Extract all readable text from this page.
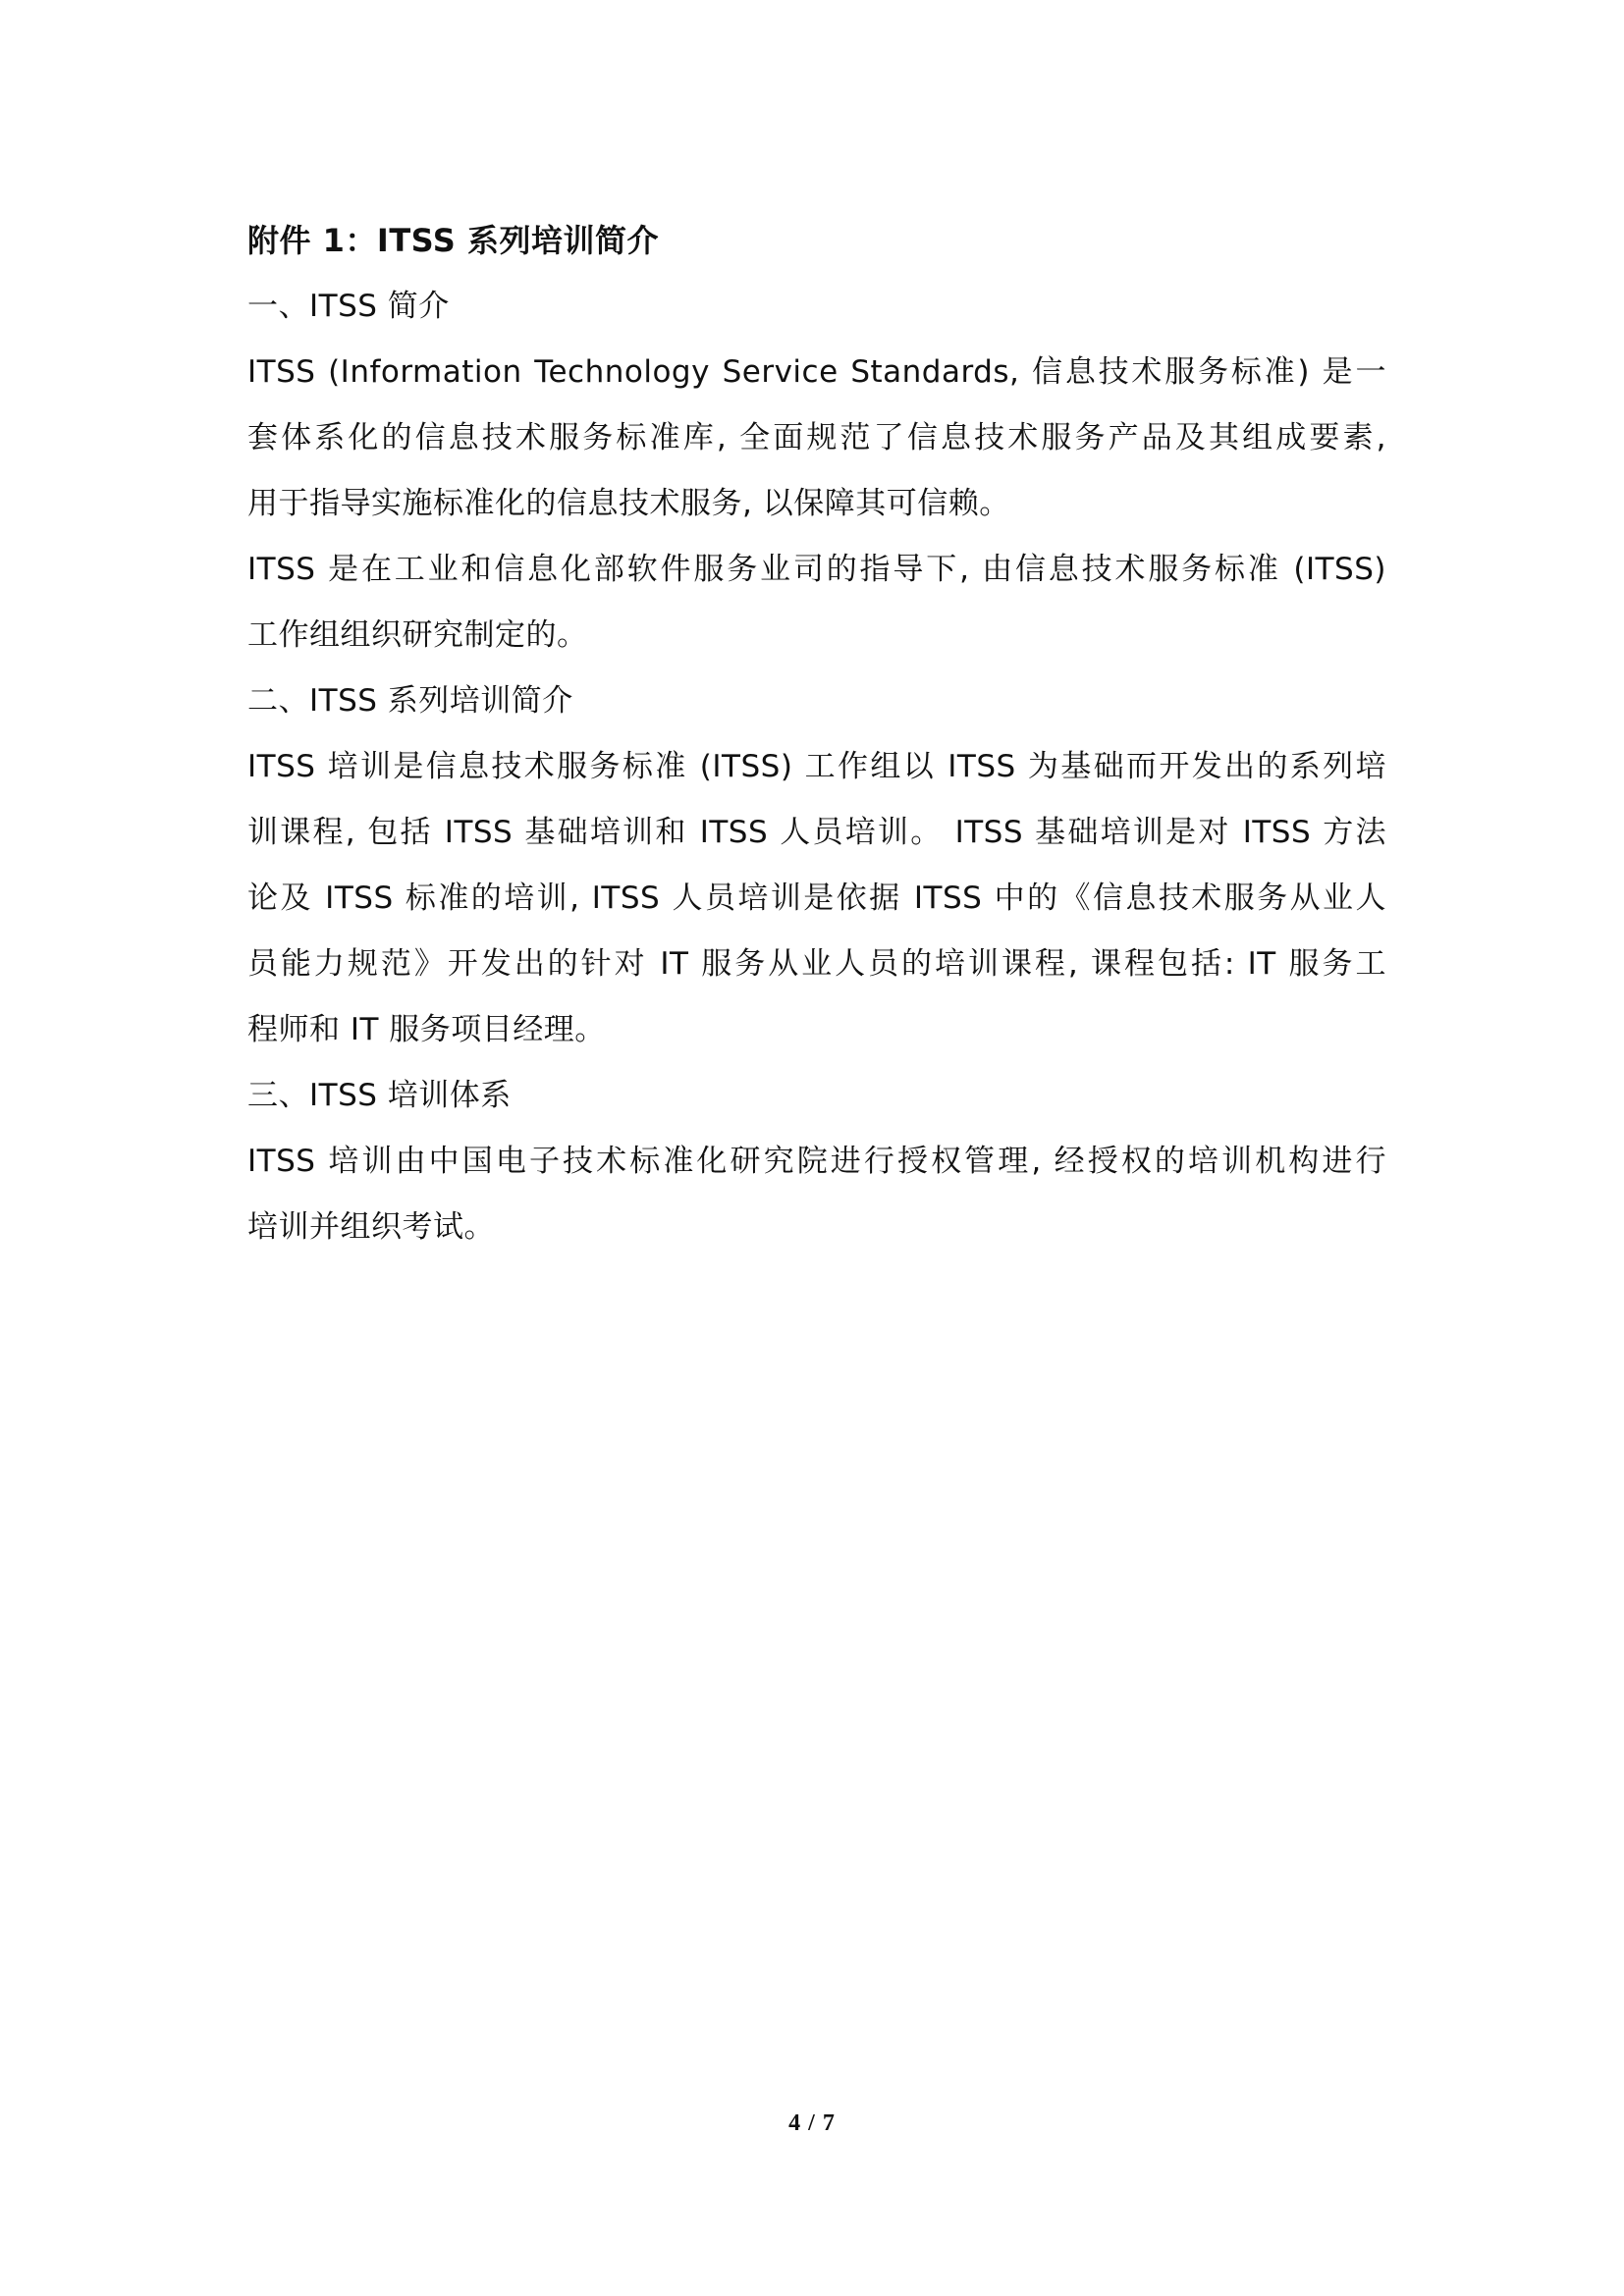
附件 1：ITSS 系列培训简介
一、ITSS 简介
ITSS (Information Technology Service Standards, 信息技术服务标准) 是一
套体系化的信息技术服务标准库, 全面规范了信息技术服务产品及其组成要素,
用于指导实施标准化的信息技术服务, 以保障其可信赖。
ITSS 是在工业和信息化部软件服务业司的指导下, 由信息技术服务标准 (ITSS)
工作组组织研究制定的。
二、ITSS 系列培训简介
ITSS 培训是信息技术服务标准 (ITSS) 工作组以 ITSS 为基础而开发出的系列培
训课程, 包括 ITSS 基础培训和 ITSS 人员培训。 ITSS 基础培训是对 ITSS 方法
论及 ITSS 标准的培训, ITSS 人员培训是依据 ITSS 中的《信息技术服务从业人
员能力规范》开发出的针对 IT 服务从业人员的培训课程, 课程包括: IT 服务工
程师和 IT 服务项目经理。
三、ITSS 培训体系
ITSS 培训由中国电子技术标准化研究院进行授权管理, 经授权的培训机构进行
培训并组织考试。
4 / 7
